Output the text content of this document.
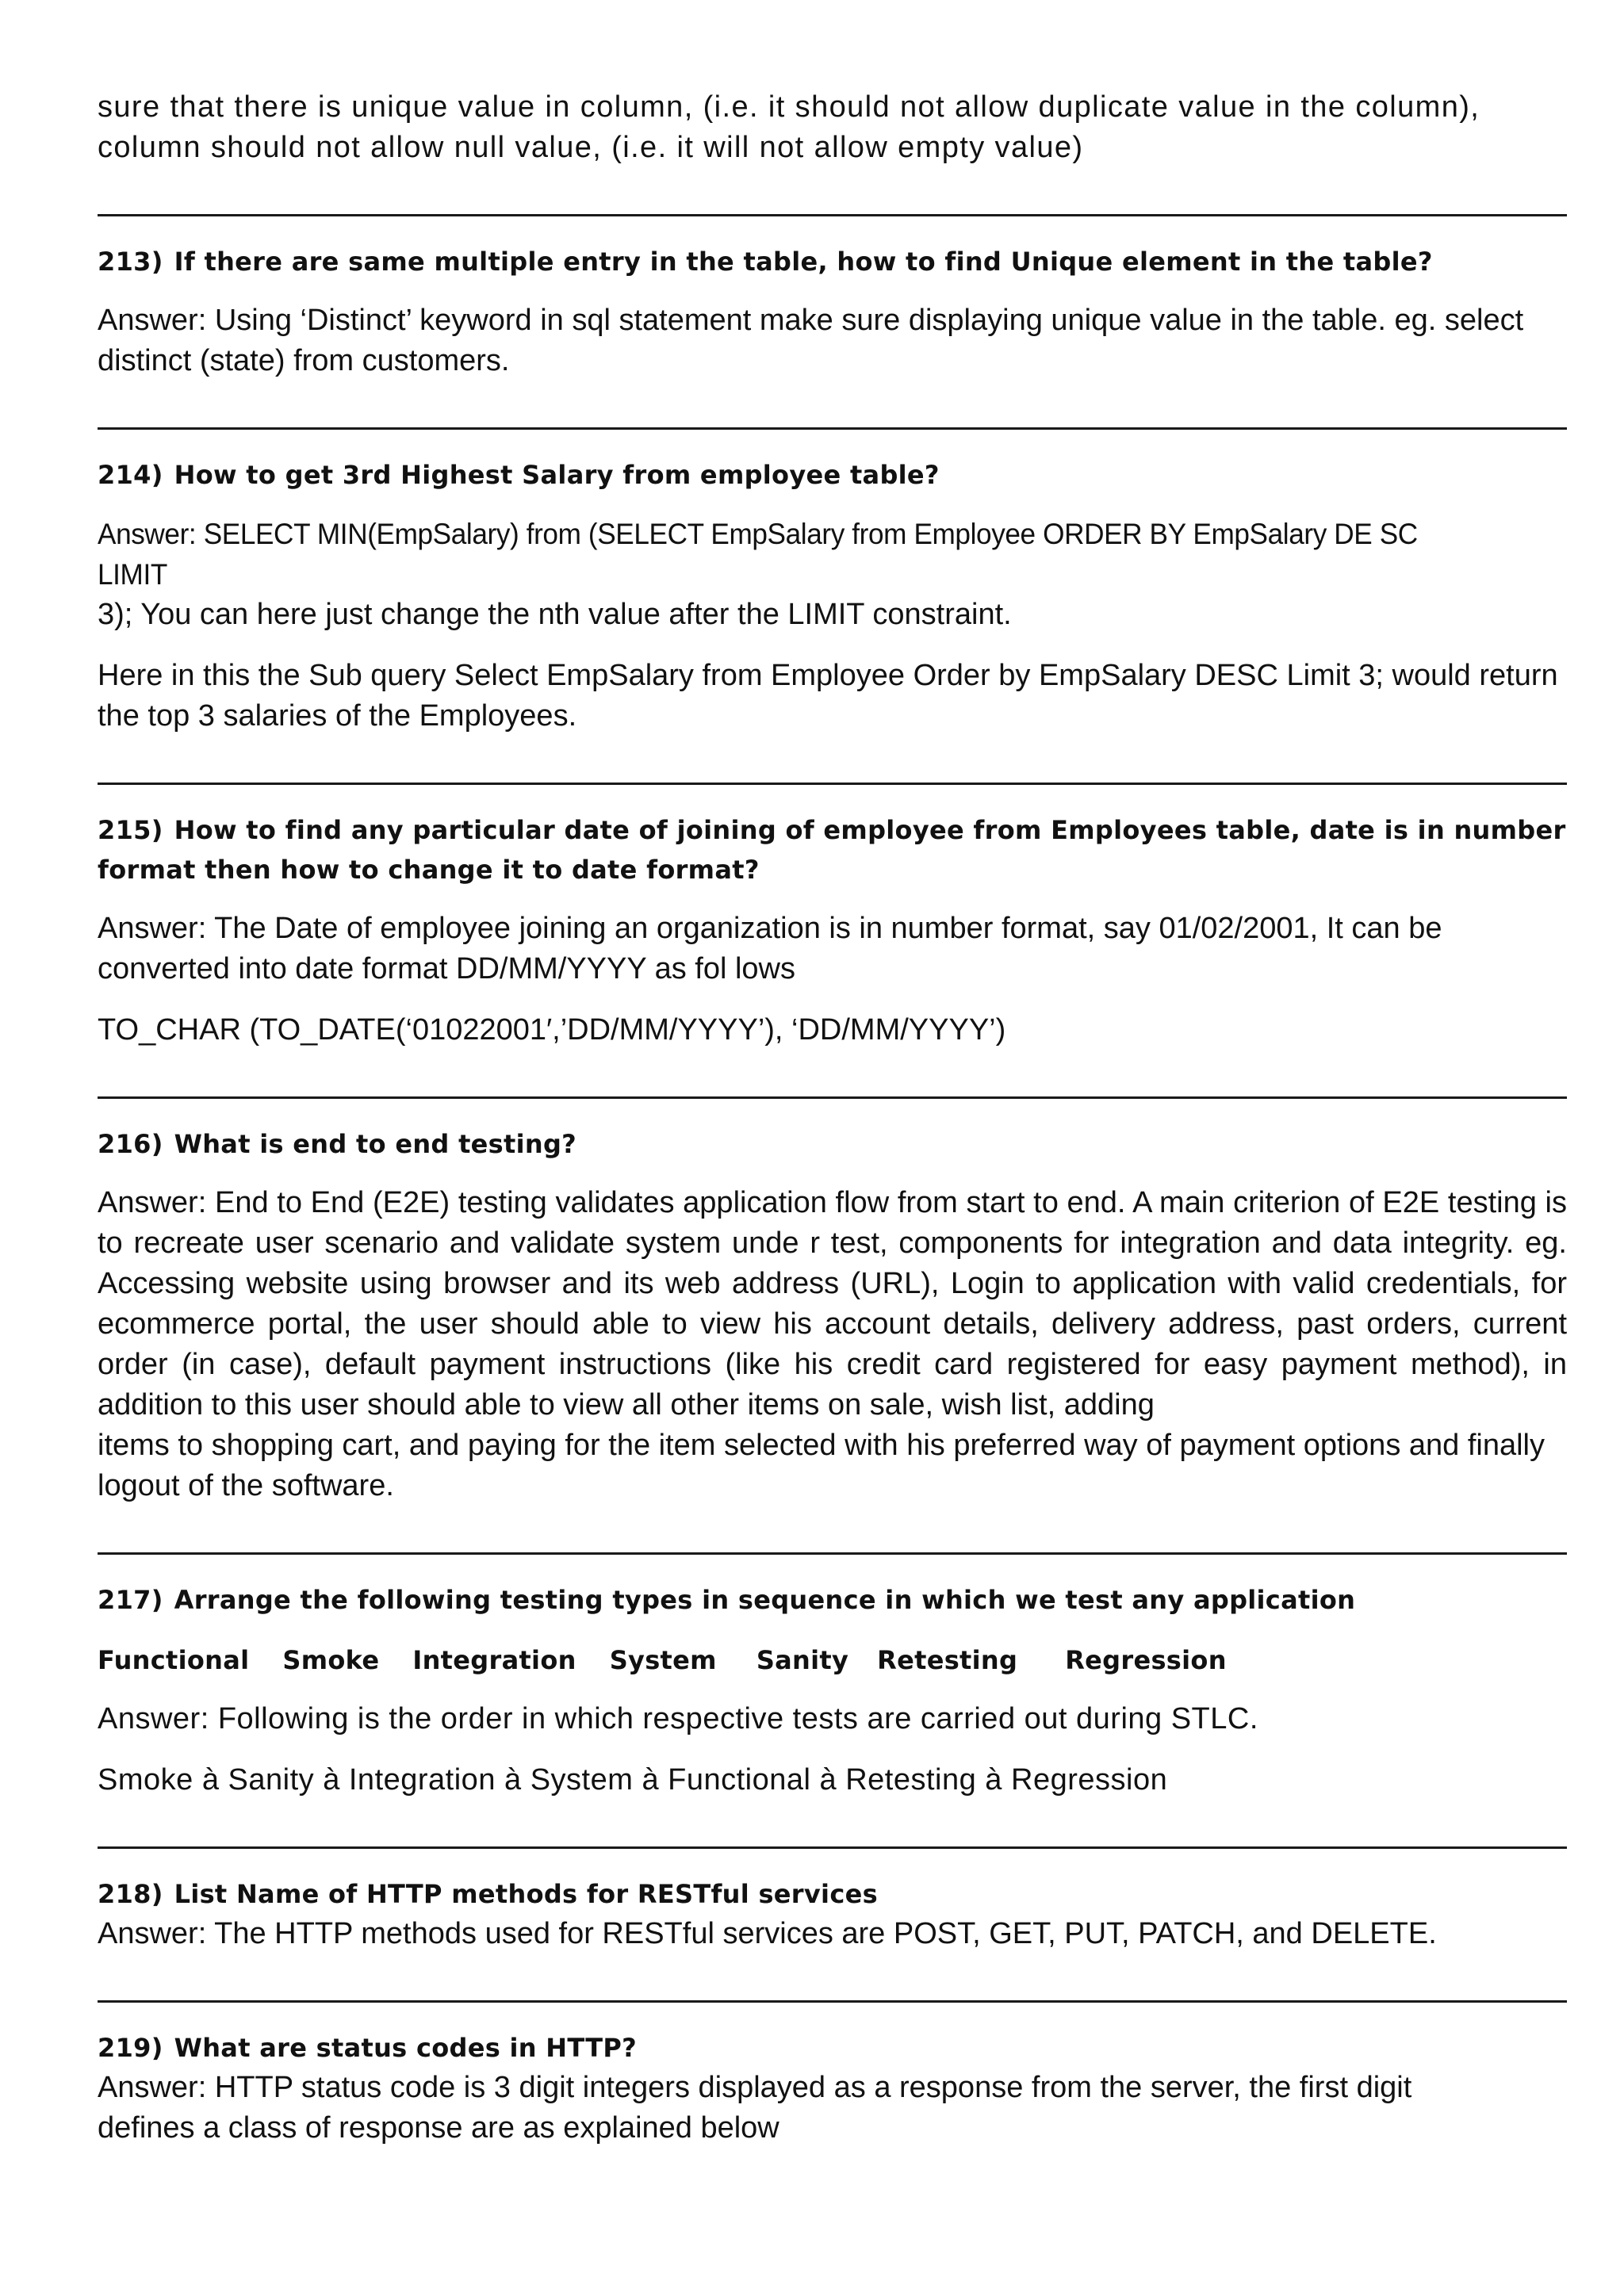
sure that there is unique value in column, (i.e. it should not allow duplicate value in the column),

column should not allow null value, (i.e. it will not allow empty value)

213) If there are same multiple entry in the table, how to find Unique element in the table?

Answer: Using ‘Distinct’ keyword in sql statement make sure displaying unique value in the table. eg. select distinct (state) from customers.

214) How to get 3rd Highest Salary from employee table?

Answer: SELECT MIN(EmpSalary) from (SELECT EmpSalary from Employee ORDER BY EmpSalary DE SC LIMIT

3); You can here just change the nth value after the LIMIT constraint.

Here in this the Sub query Select EmpSalary from Employee Order by EmpSalary DESC Limit 3; would return the top 3 salaries of the Employees.

215) How to find any particular date of joining of employee from Employees table, date is in number format then how to change it to date format?

Answer: The Date of employee joining an organization is in number format, say 01/02/2001, It can be converted into date format DD/MM/YYYY as fol lows

TO_CHAR (TO_DATE(‘01022001′,’DD/MM/YYYY’), ‘DD/MM/YYYY’)

216) What is end to end testing?

Answer: End to End (E2E) testing validates application flow from start to end. A main criterion of E2E testing is to recreate user scenario and validate system unde r test, components for integration and data integrity. eg. Accessing website using browser and its web address (URL), Login to application with valid credentials, for ecommerce portal, the user should able to view his account details, delivery address, past orders, current order (in case), default payment instructions (like his credit card registered for easy payment method), in addition to this user should able to view all other items on sale, wish list, adding

items to shopping cart, and paying for the item selected with his preferred way of payment options and finally logout of the software.

217) Arrange the following testing types in sequence in which we test any application

Functional Smoke Integration System Sanity Retesting Regression

Answer: Following is the order in which respective tests are carried out during STLC.

Smoke à Sanity à Integration à System à Functional à Retesting à Regression

218) List Name of HTTP methods for RESTful services

Answer: The HTTP methods used for RESTful services are POST, GET, PUT, PATCH, and DELETE.

219) What are status codes in HTTP?

Answer: HTTP status code is 3 digit integers displayed as a response from the server, the first digit

defines a class of response are as explained below
